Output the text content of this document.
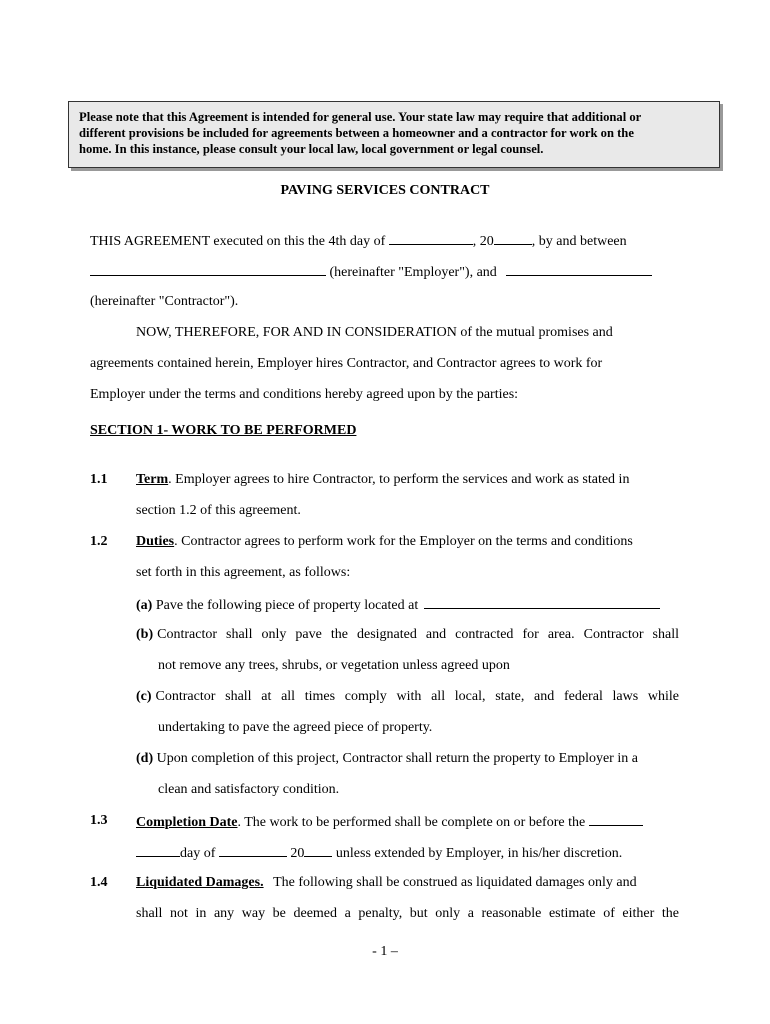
Please note that this Agreement is intended for general use. Your state law may require that additional or
different provisions be included for agreements between a homeowner and a contractor for work on the
home. In this instance, please consult your local law, local government or legal counsel.
PAVING SERVICES CONTRACT
THIS AGREEMENT executed on this the 4th day of	, 20	, by and between
(hereinafter "Employer"), and
(hereinafter "Contractor").
NOW, THEREFORE, FOR AND IN CONSIDERATION of the mutual promises and
agreements contained herein, Employer hires Contractor, and Contractor agrees to work for
Employer under the terms and conditions hereby agreed upon by the parties:
SECTION 1- WORK TO BE PERFORMED
1.1 Term. Employer agrees to hire Contractor, to perform the services and work as stated in
section 1.2 of this agreement.
1.2 Duties. Contractor agrees to perform work for the Employer on the terms and conditions
set forth in this agreement, as follows:
(a) Pave the following piece of property located at
(b) Contractor shall only pave the designated and contracted for area. Contractor shall
not remove any trees, shrubs, or vegetation unless agreed upon
(c) Contractor shall at all times comply with all local, state, and federal laws while
undertaking to pave the agreed piece of property.
(d) Upon completion of this project, Contractor shall return the property to Employer in a
clean and satisfactory condition.
1.3 Completion Date. The work to be performed shall be complete on or before the
day of	20 unless extended by Employer, in his/her discretion.
1.4 Liquidated Damages. The following shall be construed as liquidated damages only and
shall not in any way be deemed a penalty, but only a reasonable estimate of either the
- 1 –
